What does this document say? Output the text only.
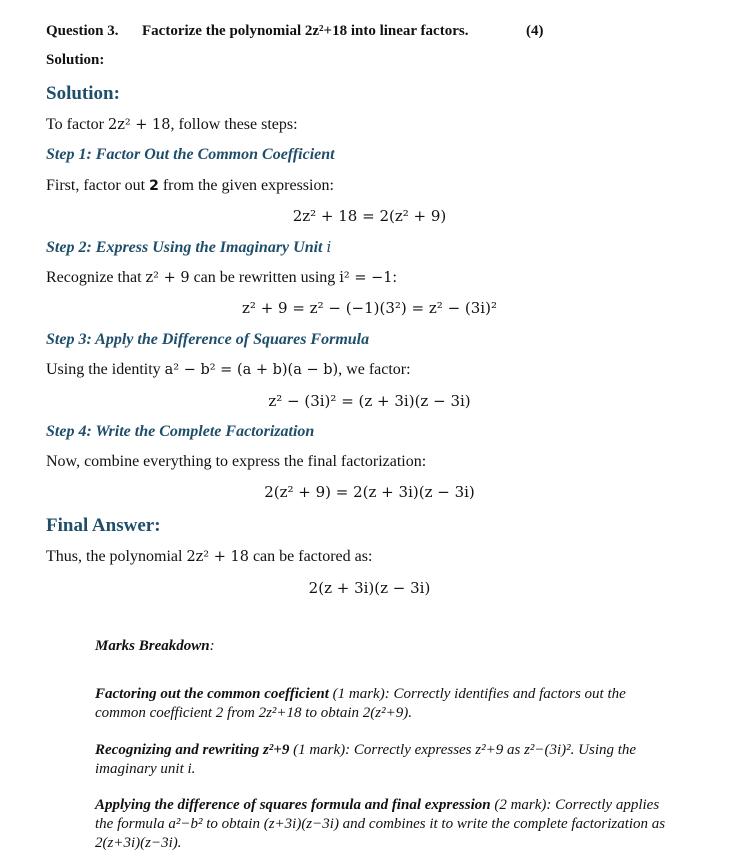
Question 3. Factorize the polynomial 2z²+18 into linear factors.	(4)
Solution:
Solution:
To factor 2z² + 18, follow these steps:
Step 1: Factor Out the Common Coefficient
First, factor out 2 from the given expression:
2z² + 18 = 2(z² + 9)
Step 2: Express Using the Imaginary Unit i
Recognize that z² + 9 can be rewritten using i² = −1:
z² + 9 = z² − (−1)(3²) = z² − (3i)²
Step 3: Apply the Difference of Squares Formula
Using the identity a² − b² = (a + b)(a − b), we factor:
z² − (3i)² = (z + 3i)(z − 3i)
Step 4: Write the Complete Factorization
Now, combine everything to express the final factorization:
2(z² + 9) = 2(z + 3i)(z − 3i)
Final Answer:
Thus, the polynomial 2z² + 18 can be factored as:
2(z + 3i)(z − 3i)
Marks Breakdown:
Factoring out the common coefficient (1 mark): Correctly identifies and factors out the common coefficient 2 from 2z²+18 to obtain 2(z²+9).
Recognizing and rewriting z²+9 (1 mark): Correctly expresses z²+9 as z²−(3i)². Using the imaginary unit i.
Applying the difference of squares formula and final expression (2 mark): Correctly applies the formula a²−b² to obtain (z+3i)(z−3i) and combines it to write the complete factorization as 2(z+3i)(z−3i).
